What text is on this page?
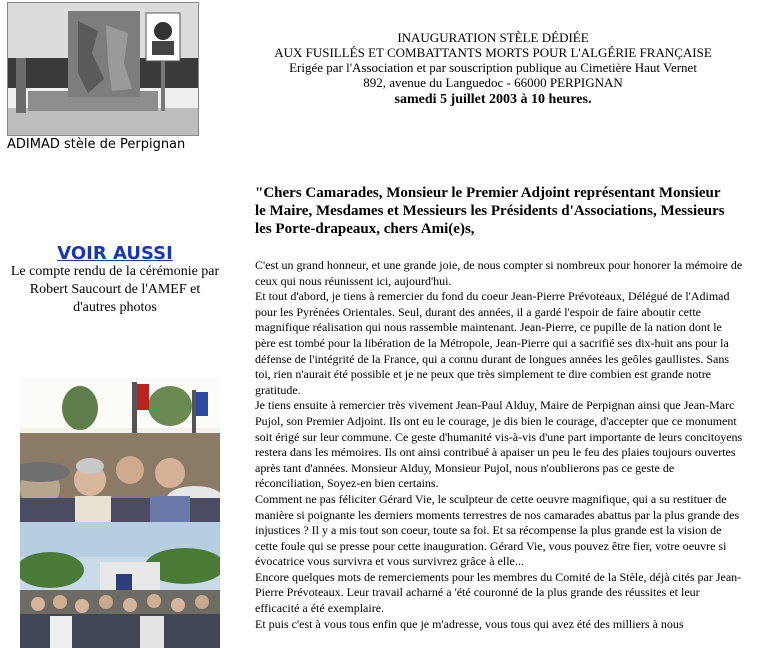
ADIMAD stèle de Perpignan
INAUGURATION STÈLE DÉDIÉE
AUX FUSILLÉS ET COMBATTANTS MORTS POUR L'ALGÉRIE FRANÇAISE
Erigée par l'Association et par souscription publique au Cimetière Haut Vernet
892, avenue du Languedoc - 66000 PERPIGNAN
samedi 5 juillet 2003 à 10 heures.
VOIR AUSSI
Le compte rendu de la cérémonie par Robert Saucourt de l'AMEF et d'autres photos
"Chers Camarades, Monsieur le Premier Adjoint représentant Monsieur le Maire, Mesdames et Messieurs les Présidents d'Associations, Messieurs les Porte-drapeaux, chers Ami(e)s,

C'est un grand honneur, et une grande joie, de nous compter si nombreux pour honorer la mémoire de ceux qui nous réunissent ici, aujourd'hui.

Et tout d'abord, je tiens à remercier du fond du coeur Jean-Pierre Prévoteaux, Délégué de l'Adimad pour les Pyrénées Orientales. Seul, durant des années, il a gardé l'espoir de faire aboutir cette magnifique réalisation qui nous rassemble maintenant. Jean-Pierre, ce pupille de la nation dont le père est tombé pour la libération de la Métropole, Jean-Pierre qui a sacrifié ses dix-huit ans pour la défense de l'intégrité de la France, qui a connu durant de longues années les geôles gaullistes. Sans toi, rien n'aurait été possible et je ne peux que très simplement te dire combien est grande notre gratitude.

Je tiens ensuite à remercier très vivement Jean-Paul Alduy, Maire de Perpignan ainsi que Jean-Marc Pujol, son Premier Adjoint. Ils ont eu le courage, je dis bien le courage, d'accepter que ce monument soit érigé sur leur commune. Ce geste d'humanité vis-à-vis d'une part importante de leurs concitoyens restera dans les mémoires. Ils ont ainsi contribué à apaiser un peu le feu des plaies toujours ouvertes après tant d'années. Monsieur Alduy, Monsieur Pujol, nous n'oublierons pas ce geste de réconciliation, Soyez-en bien certains.

Comment ne pas féliciter Gérard Vie, le sculpteur de cette oeuvre magnifique, qui a su restituer de manière si poignante les derniers moments terrestres de nos camarades abattus par la plus grande des injustices ? Il y a mis tout son coeur, toute sa foi. Et sa récompense la plus grande est la vision de cette foule qui se presse pour cette inauguration. Gérard Vie, vous pouvez être fier, votre oeuvre si évocatrice vous survivra et vous survivrez grâce à elle...

Encore quelques mots de remerciements pour les membres du Comité de la Stèle, déjà cités par Jean-Pierre Prévoteaux. Leur travail acharné a 'été couronné de la plus grande des réussites et leur efficacité a été exemplaire.

Et puis c'est à vous tous enfin que je m'adresse, vous tous qui avez été des milliers à nous
